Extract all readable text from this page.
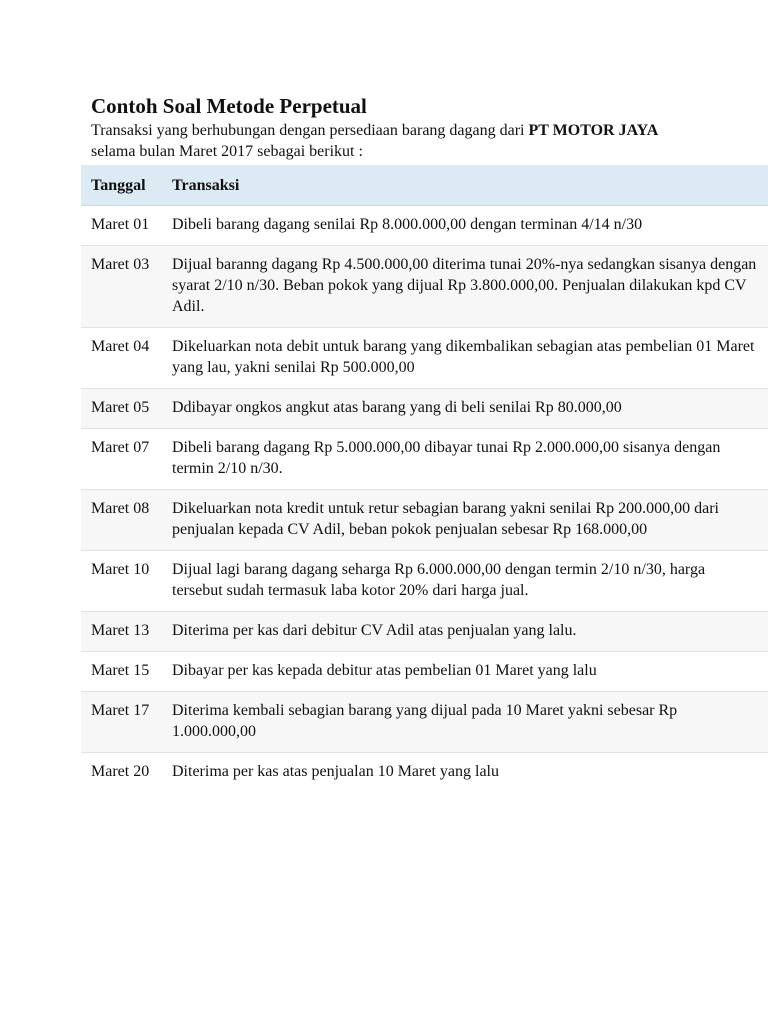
Contoh Soal Metode Perpetual

Transaksi yang berhubungan dengan persediaan barang dagang dari PT MOTOR JAYA selama bulan Maret 2017 sebagai berikut :

Tanggal	Transaksi
Maret 01	Dibeli barang dagang senilai Rp 8.000.000,00 dengan terminan 4/14 n/30
Maret 03	Dijual baranng dagang Rp 4.500.000,00 diterima tunai 20%-nya sedangkan sisanya dengan syarat 2/10 n/30. Beban pokok yang dijual Rp 3.800.000,00. Penjualan dilakukan kpd CV Adil.
Maret 04	Dikeluarkan nota debit untuk barang yang dikembalikan sebagian atas pembelian 01 Maret yang lau, yakni senilai Rp 500.000,00
Maret 05	Ddibayar ongkos angkut atas barang yang di beli senilai Rp 80.000,00
Maret 07	Dibeli barang dagang Rp 5.000.000,00 dibayar tunai Rp 2.000.000,00 sisanya dengan termin 2/10 n/30.
Maret 08	Dikeluarkan nota kredit untuk retur sebagian barang yakni senilai Rp 200.000,00 dari penjualan kepada CV Adil, beban pokok penjualan sebesar Rp 168.000,00
Maret 10	Dijual lagi barang dagang seharga Rp 6.000.000,00 dengan termin 2/10 n/30, harga tersebut sudah termasuk laba kotor 20% dari harga jual.
Maret 13	Diterima per kas dari debitur CV Adil atas penjualan yang lalu.
Maret 15	Dibayar per kas kepada debitur atas pembelian 01 Maret yang lalu
Maret 17	Diterima kembali sebagian barang yang dijual pada 10 Maret yakni sebesar Rp 1.000.000,00
Maret 20	Diterima per kas atas penjualan 10 Maret yang lalu
